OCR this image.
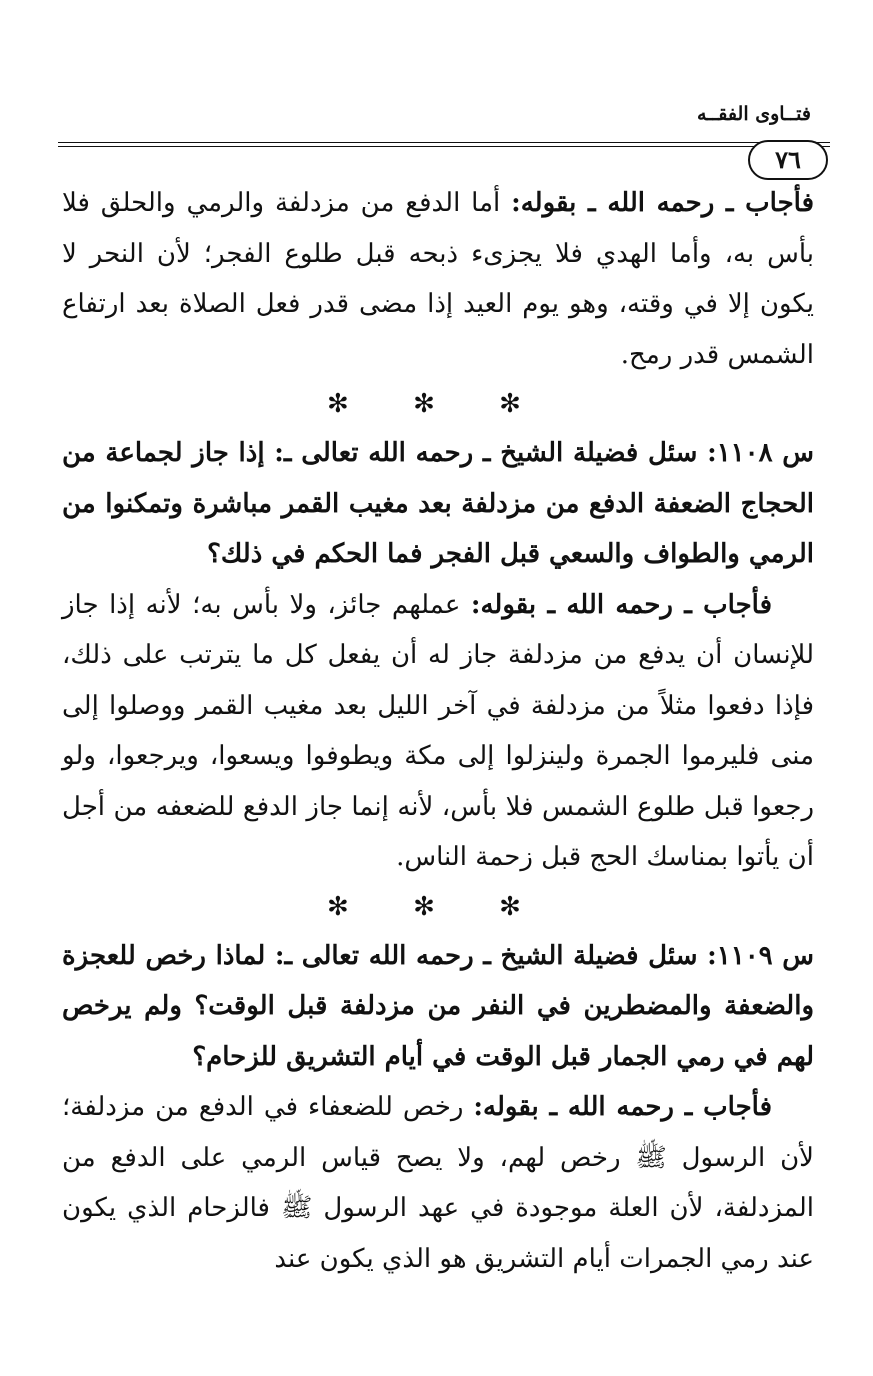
فتــاوى الفقــه
٧٦

فأجاب ـ رحمه الله ـ بقوله: أما الدفع من مزدلفة والرمي والحلق فلا بأس به، وأما الهدي فلا يجزىء ذبحه قبل طلوع الفجر؛ لأن النحر لا يكون إلا في وقته، وهو يوم العيد إذا مضى قدر فعل الصلاة بعد ارتفاع الشمس قدر رمح.

✻ ✻ ✻

س ١١٠٨: سئل فضيلة الشيخ ـ رحمه الله تعالى ـ: إذا جاز لجماعة من الحجاج الضعفة الدفع من مزدلفة بعد مغيب القمر مباشرة وتمكنوا من الرمي والطواف والسعي قبل الفجر فما الحكم في ذلك؟

فأجاب ـ رحمه الله ـ بقوله: عملهم جائز، ولا بأس به؛ لأنه إذا جاز للإنسان أن يدفع من مزدلفة جاز له أن يفعل كل ما يترتب على ذلك، فإذا دفعوا مثلاً من مزدلفة في آخر الليل بعد مغيب القمر ووصلوا إلى منى فليرموا الجمرة ولينزلوا إلى مكة ويطوفوا ويسعوا، ويرجعوا، ولو رجعوا قبل طلوع الشمس فلا بأس، لأنه إنما جاز الدفع للضعفه من أجل أن يأتوا بمناسك الحج قبل زحمة الناس.

✻ ✻ ✻

س ١١٠٩: سئل فضيلة الشيخ ـ رحمه الله تعالى ـ: لماذا رخص للعجزة والضعفة والمضطرين في النفر من مزدلفة قبل الوقت؟ ولم يرخص لهم في رمي الجمار قبل الوقت في أيام التشريق للزحام؟

فأجاب ـ رحمه الله ـ بقوله: رخص للضعفاء في الدفع من مزدلفة؛ لأن الرسول ﷺ رخص لهم، ولا يصح قياس الرمي على الدفع من المزدلفة، لأن العلة موجودة في عهد الرسول ﷺ فالزحام الذي يكون عند رمي الجمرات أيام التشريق هو الذي يكون عند
